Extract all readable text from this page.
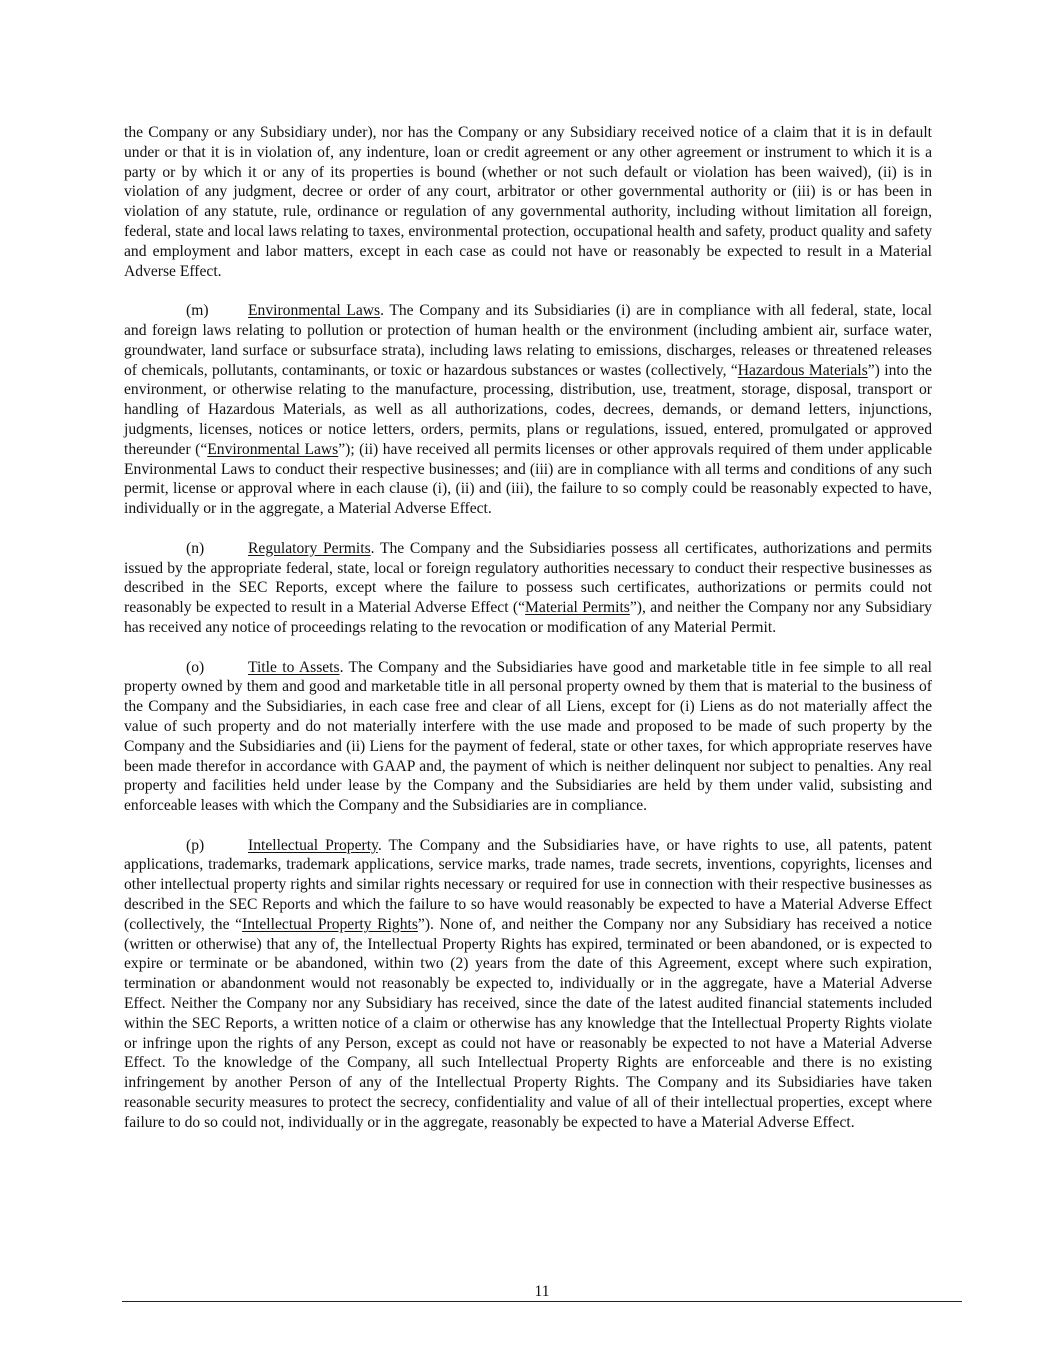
the Company or any Subsidiary under), nor has the Company or any Subsidiary received notice of a claim that it is in default under or that it is in violation of, any indenture, loan or credit agreement or any other agreement or instrument to which it is a party or by which it or any of its properties is bound (whether or not such default or violation has been waived), (ii) is in violation of any judgment, decree or order of any court, arbitrator or other governmental authority or (iii) is or has been in violation of any statute, rule, ordinance or regulation of any governmental authority, including without limitation all foreign, federal, state and local laws relating to taxes, environmental protection, occupational health and safety, product quality and safety and employment and labor matters, except in each case as could not have or reasonably be expected to result in a Material Adverse Effect.

(m)	Environmental Laws. The Company and its Subsidiaries (i) are in compliance with all federal, state, local and foreign laws relating to pollution or protection of human health or the environment (including ambient air, surface water, groundwater, land surface or subsurface strata), including laws relating to emissions, discharges, releases or threatened releases of chemicals, pollutants, contaminants, or toxic or hazardous substances or wastes (collectively, “Hazardous Materials”) into the environment, or otherwise relating to the manufacture, processing, distribution, use, treatment, storage, disposal, transport or handling of Hazardous Materials, as well as all authorizations, codes, decrees, demands, or demand letters, injunctions, judgments, licenses, notices or notice letters, orders, permits, plans or regulations, issued, entered, promulgated or approved thereunder (“Environmental Laws”); (ii) have received all permits licenses or other approvals required of them under applicable Environmental Laws to conduct their respective businesses; and (iii) are in compliance with all terms and conditions of any such permit, license or approval where in each clause (i), (ii) and (iii), the failure to so comply could be reasonably expected to have, individually or in the aggregate, a Material Adverse Effect.

(n)	Regulatory Permits. The Company and the Subsidiaries possess all certificates, authorizations and permits issued by the appropriate federal, state, local or foreign regulatory authorities necessary to conduct their respective businesses as described in the SEC Reports, except where the failure to possess such certificates, authorizations or permits could not reasonably be expected to result in a Material Adverse Effect (“Material Permits”), and neither the Company nor any Subsidiary has received any notice of proceedings relating to the revocation or modification of any Material Permit.

(o)	Title to Assets. The Company and the Subsidiaries have good and marketable title in fee simple to all real property owned by them and good and marketable title in all personal property owned by them that is material to the business of the Company and the Subsidiaries, in each case free and clear of all Liens, except for (i) Liens as do not materially affect the value of such property and do not materially interfere with the use made and proposed to be made of such property by the Company and the Subsidiaries and (ii) Liens for the payment of federal, state or other taxes, for which appropriate reserves have been made therefor in accordance with GAAP and, the payment of which is neither delinquent nor subject to penalties. Any real property and facilities held under lease by the Company and the Subsidiaries are held by them under valid, subsisting and enforceable leases with which the Company and the Subsidiaries are in compliance.

(p)	Intellectual Property. The Company and the Subsidiaries have, or have rights to use, all patents, patent applications, trademarks, trademark applications, service marks, trade names, trade secrets, inventions, copyrights, licenses and other intellectual property rights and similar rights necessary or required for use in connection with their respective businesses as described in the SEC Reports and which the failure to so have would reasonably be expected to have a Material Adverse Effect (collectively, the “Intellectual Property Rights”). None of, and neither the Company nor any Subsidiary has received a notice (written or otherwise) that any of, the Intellectual Property Rights has expired, terminated or been abandoned, or is expected to expire or terminate or be abandoned, within two (2) years from the date of this Agreement, except where such expiration, termination or abandonment would not reasonably be expected to, individually or in the aggregate, have a Material Adverse Effect. Neither the Company nor any Subsidiary has received, since the date of the latest audited financial statements included within the SEC Reports, a written notice of a claim or otherwise has any knowledge that the Intellectual Property Rights violate or infringe upon the rights of any Person, except as could not have or reasonably be expected to not have a Material Adverse Effect. To the knowledge of the Company, all such Intellectual Property Rights are enforceable and there is no existing infringement by another Person of any of the Intellectual Property Rights. The Company and its Subsidiaries have taken reasonable security measures to protect the secrecy, confidentiality and value of all of their intellectual properties, except where failure to do so could not, individually or in the aggregate, reasonably be expected to have a Material Adverse Effect.

11
